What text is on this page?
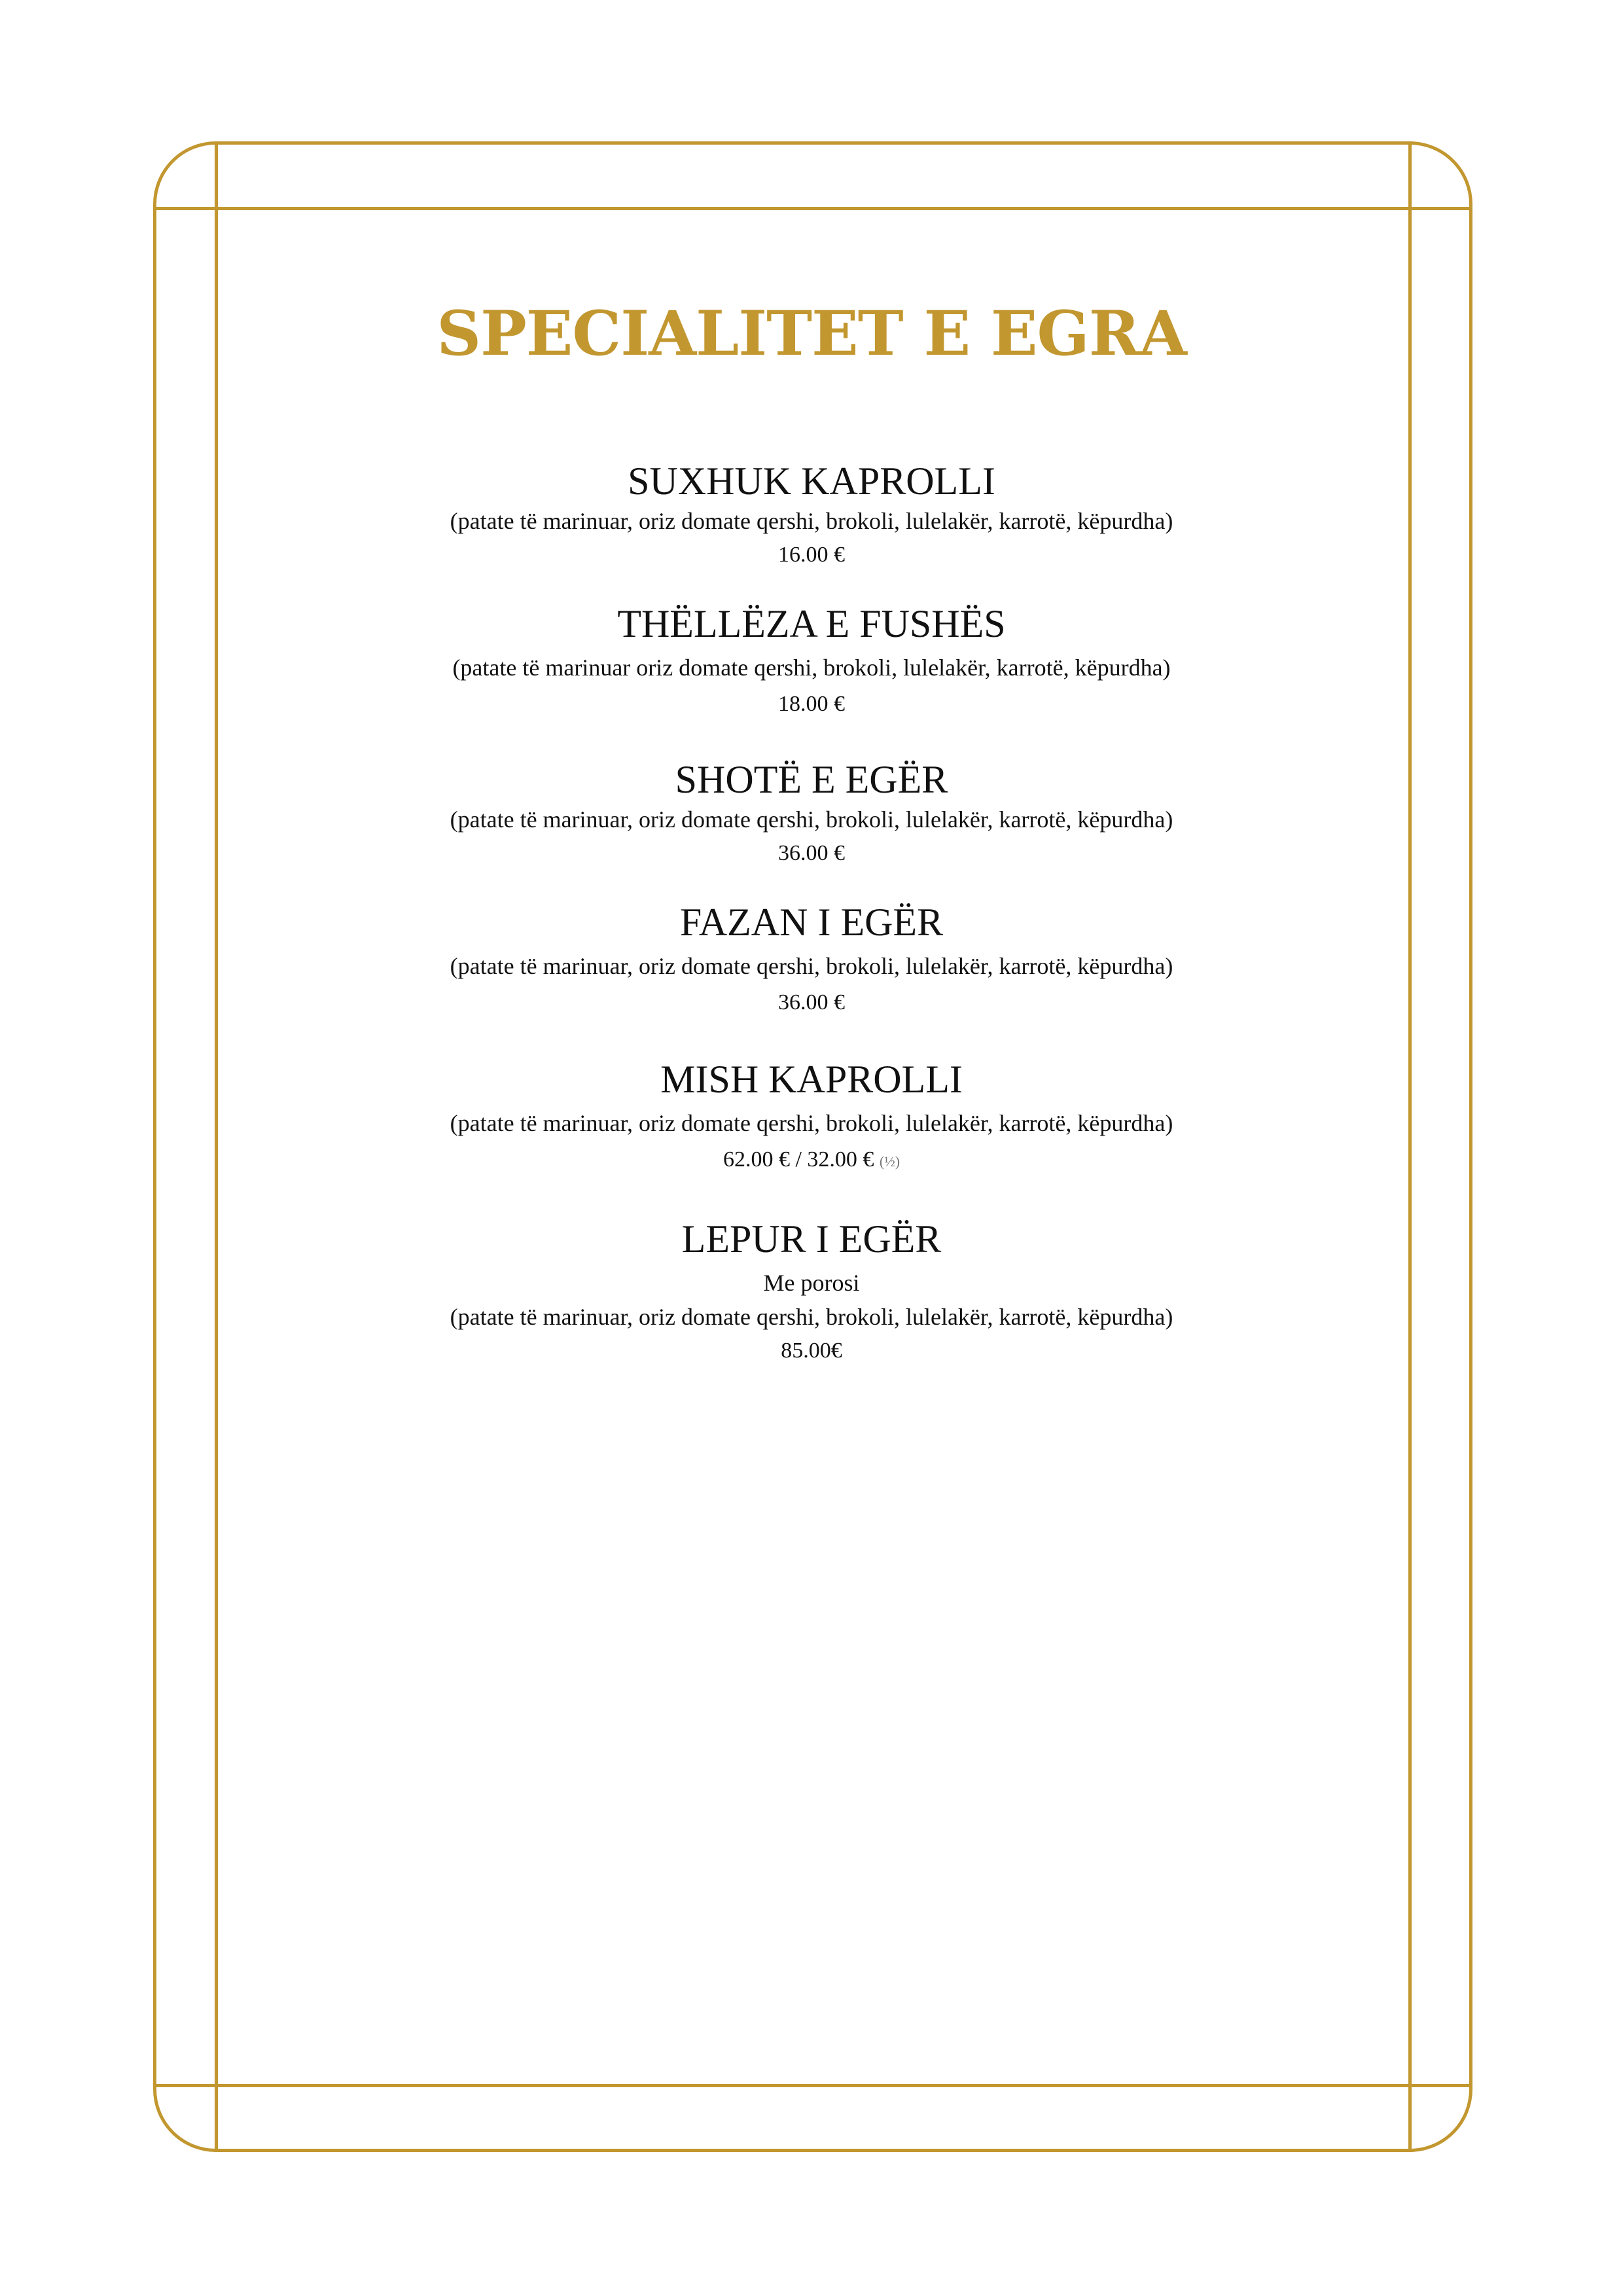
SPECIALITET E EGRA
SUXHUK KAPROLLI
(patate të marinuar, oriz domate qershi, brokoli, lulelakër, karrotë, këpurdha)
16.00 €
THËLLËZA E FUSHËS
(patate të marinuar oriz domate qershi, brokoli, lulelakër, karrotë, këpurdha)
18.00 €
SHOTË E EGËR
(patate të marinuar, oriz domate qershi, brokoli, lulelakër, karrotë, këpurdha)
36.00 €
FAZAN I EGËR
(patate të marinuar, oriz domate qershi, brokoli, lulelakër, karrotë, këpurdha)
36.00 €
MISH KAPROLLI
(patate të marinuar, oriz domate qershi, brokoli, lulelakër, karrotë, këpurdha)
62.00 € / 32.00 € (½)
LEPUR I EGËR
Me porosi
(patate të marinuar, oriz domate qershi, brokoli, lulelakër, karrotë, këpurdha)
85.00€
